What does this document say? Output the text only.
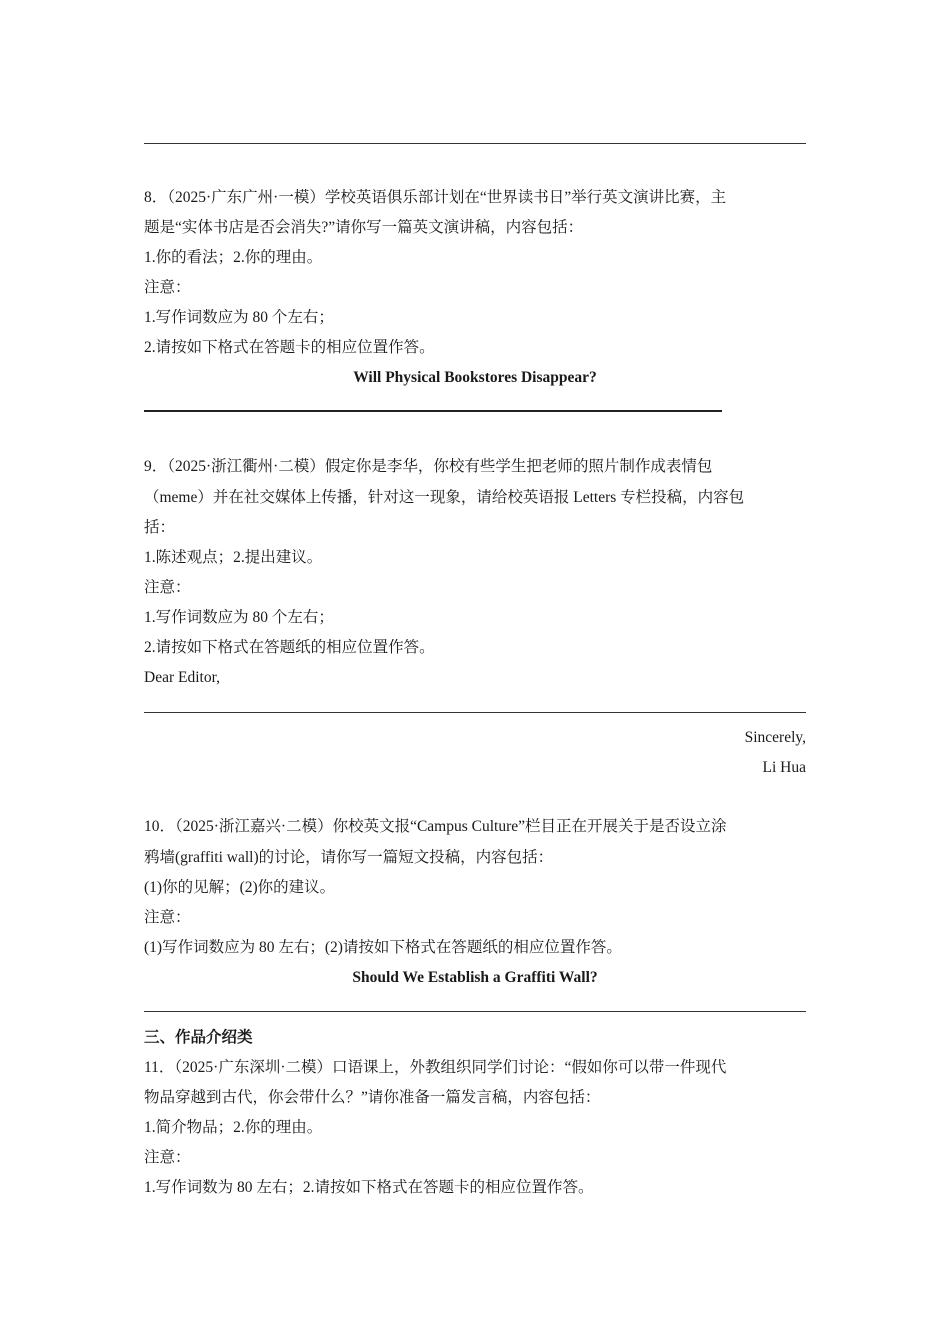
8．（2025·广东广州·一模）学校英语俱乐部计划在“世界读书日”举行英文演讲比赛，主
题是“实体书店是否会消失?”请你写一篇英文演讲稿，内容包括：
1.你的看法；2.你的理由。
注意：
1.写作词数应为 80 个左右；
2.请按如下格式在答题卡的相应位置作答。
Will Physical Bookstores Disappear?
9．（2025·浙江衢州·二模）假定你是李华，你校有些学生把老师的照片制作成表情包
（meme）并在社交媒体上传播，针对这一现象，请给校英语报 Letters 专栏投稿，内容包
括：
1.陈述观点；2.提出建议。
注意：
1.写作词数应为 80 个左右；
2.请按如下格式在答题纸的相应位置作答。
Dear Editor,
Sincerely,
Li Hua
10．（2025·浙江嘉兴·二模）你校英文报“Campus Culture”栏目正在开展关于是否设立涂
鸦墙(graffiti wall)的讨论，请你写一篇短文投稿，内容包括：
(1)你的见解；(2)你的建议。
注意：
(1)写作词数应为 80 左右；(2)请按如下格式在答题纸的相应位置作答。
Should We Establish a Graffiti Wall?
三、作品介绍类
11．（2025·广东深圳·二模）口语课上，外教组织同学们讨论：“假如你可以带一件现代
物品穿越到古代，你会带什么？”请你准备一篇发言稿，内容包括：
1.简介物品；2.你的理由。
注意：
1.写作词数为 80 左右；2.请按如下格式在答题卡的相应位置作答。
